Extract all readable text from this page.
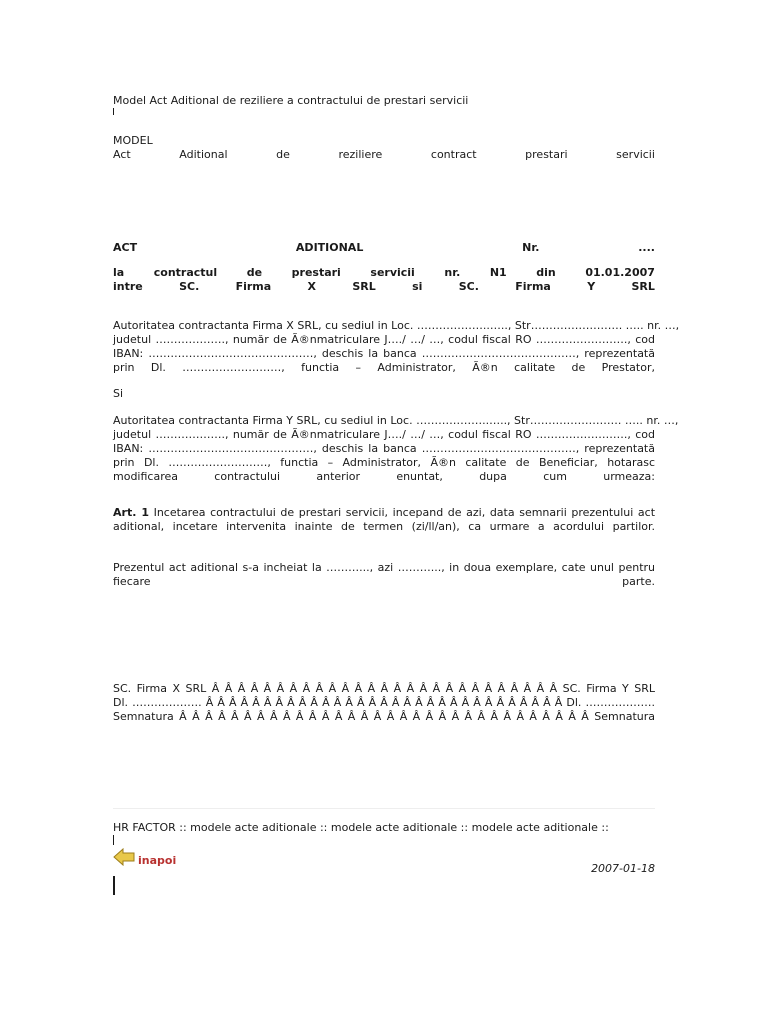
Model Act Aditional de reziliere a contractului de prestari servicii
MODEL
Act	Aditional	de	reziliere	contract	prestari	servicii
ACT	ADITIONAL	Nr.	....
la	contractul	de	prestari	servicii	nr.	N1	din	01.01.2007
intre	SC.	Firma	X	SRL	si	SC.	Firma	Y	SRL
Autoritatea contractanta Firma X SRL, cu sediul in Loc. ………………..….., Str……………………. ….. nr. …,
judetul ………………., număr de Ã®nmatriculare J…./ …/ …, codul fiscal RO ……………………., cod
IBAN: ………………………………………, deschis la banca ……………………………………, reprezentată
prin Dl. ………………………, functia – Administrator, Ã®n calitate de Prestator,
Si
Autoritatea contractanta Firma Y SRL, cu sediul in Loc. ………………..….., Str……………………. ….. nr. …,
judetul ………………., număr de Ã®nmatriculare J…./ …/ …, codul fiscal RO ……………………., cod
IBAN: ………………………………………, deschis la banca ……………………………………, reprezentată
prin Dl. ………………………, functia – Administrator, Ã®n calitate de Beneficiar, hotarasc
modificarea contractului anterior enuntat, dupa cum urmeaza:
Art. 1 Incetarea contractului de prestari servicii, incepand de azi, data semnarii prezentului act
aditional, incetare intervenita inainte de termen (zi/ll/an), ca urmare a acordului partilor.
Prezentul act aditional s-a incheiat la ………..., azi ………..., in doua exemplare, cate unul pentru
fiecare	parte.
SC. Firma X SRL Â Â Â Â Â Â Â Â Â Â Â Â Â Â Â Â Â Â Â Â Â Â Â Â Â Â Â SC. Firma Y SRL
Dl. ………………. Â Â Â Â Â Â Â Â Â Â Â Â Â Â Â Â Â Â Â Â Â Â Â Â Â Â Â Â Â Â Â Dl. ……………….
Semnatura Â Â Â Â Â Â Â Â Â Â Â Â Â Â Â Â Â Â Â Â Â Â Â Â Â Â Â Â Â Â Â Â Semnatura
HR FACTOR :: modele acte aditionale :: modele acte aditionale :: modele acte aditionale ::
inapoi
2007-01-18
